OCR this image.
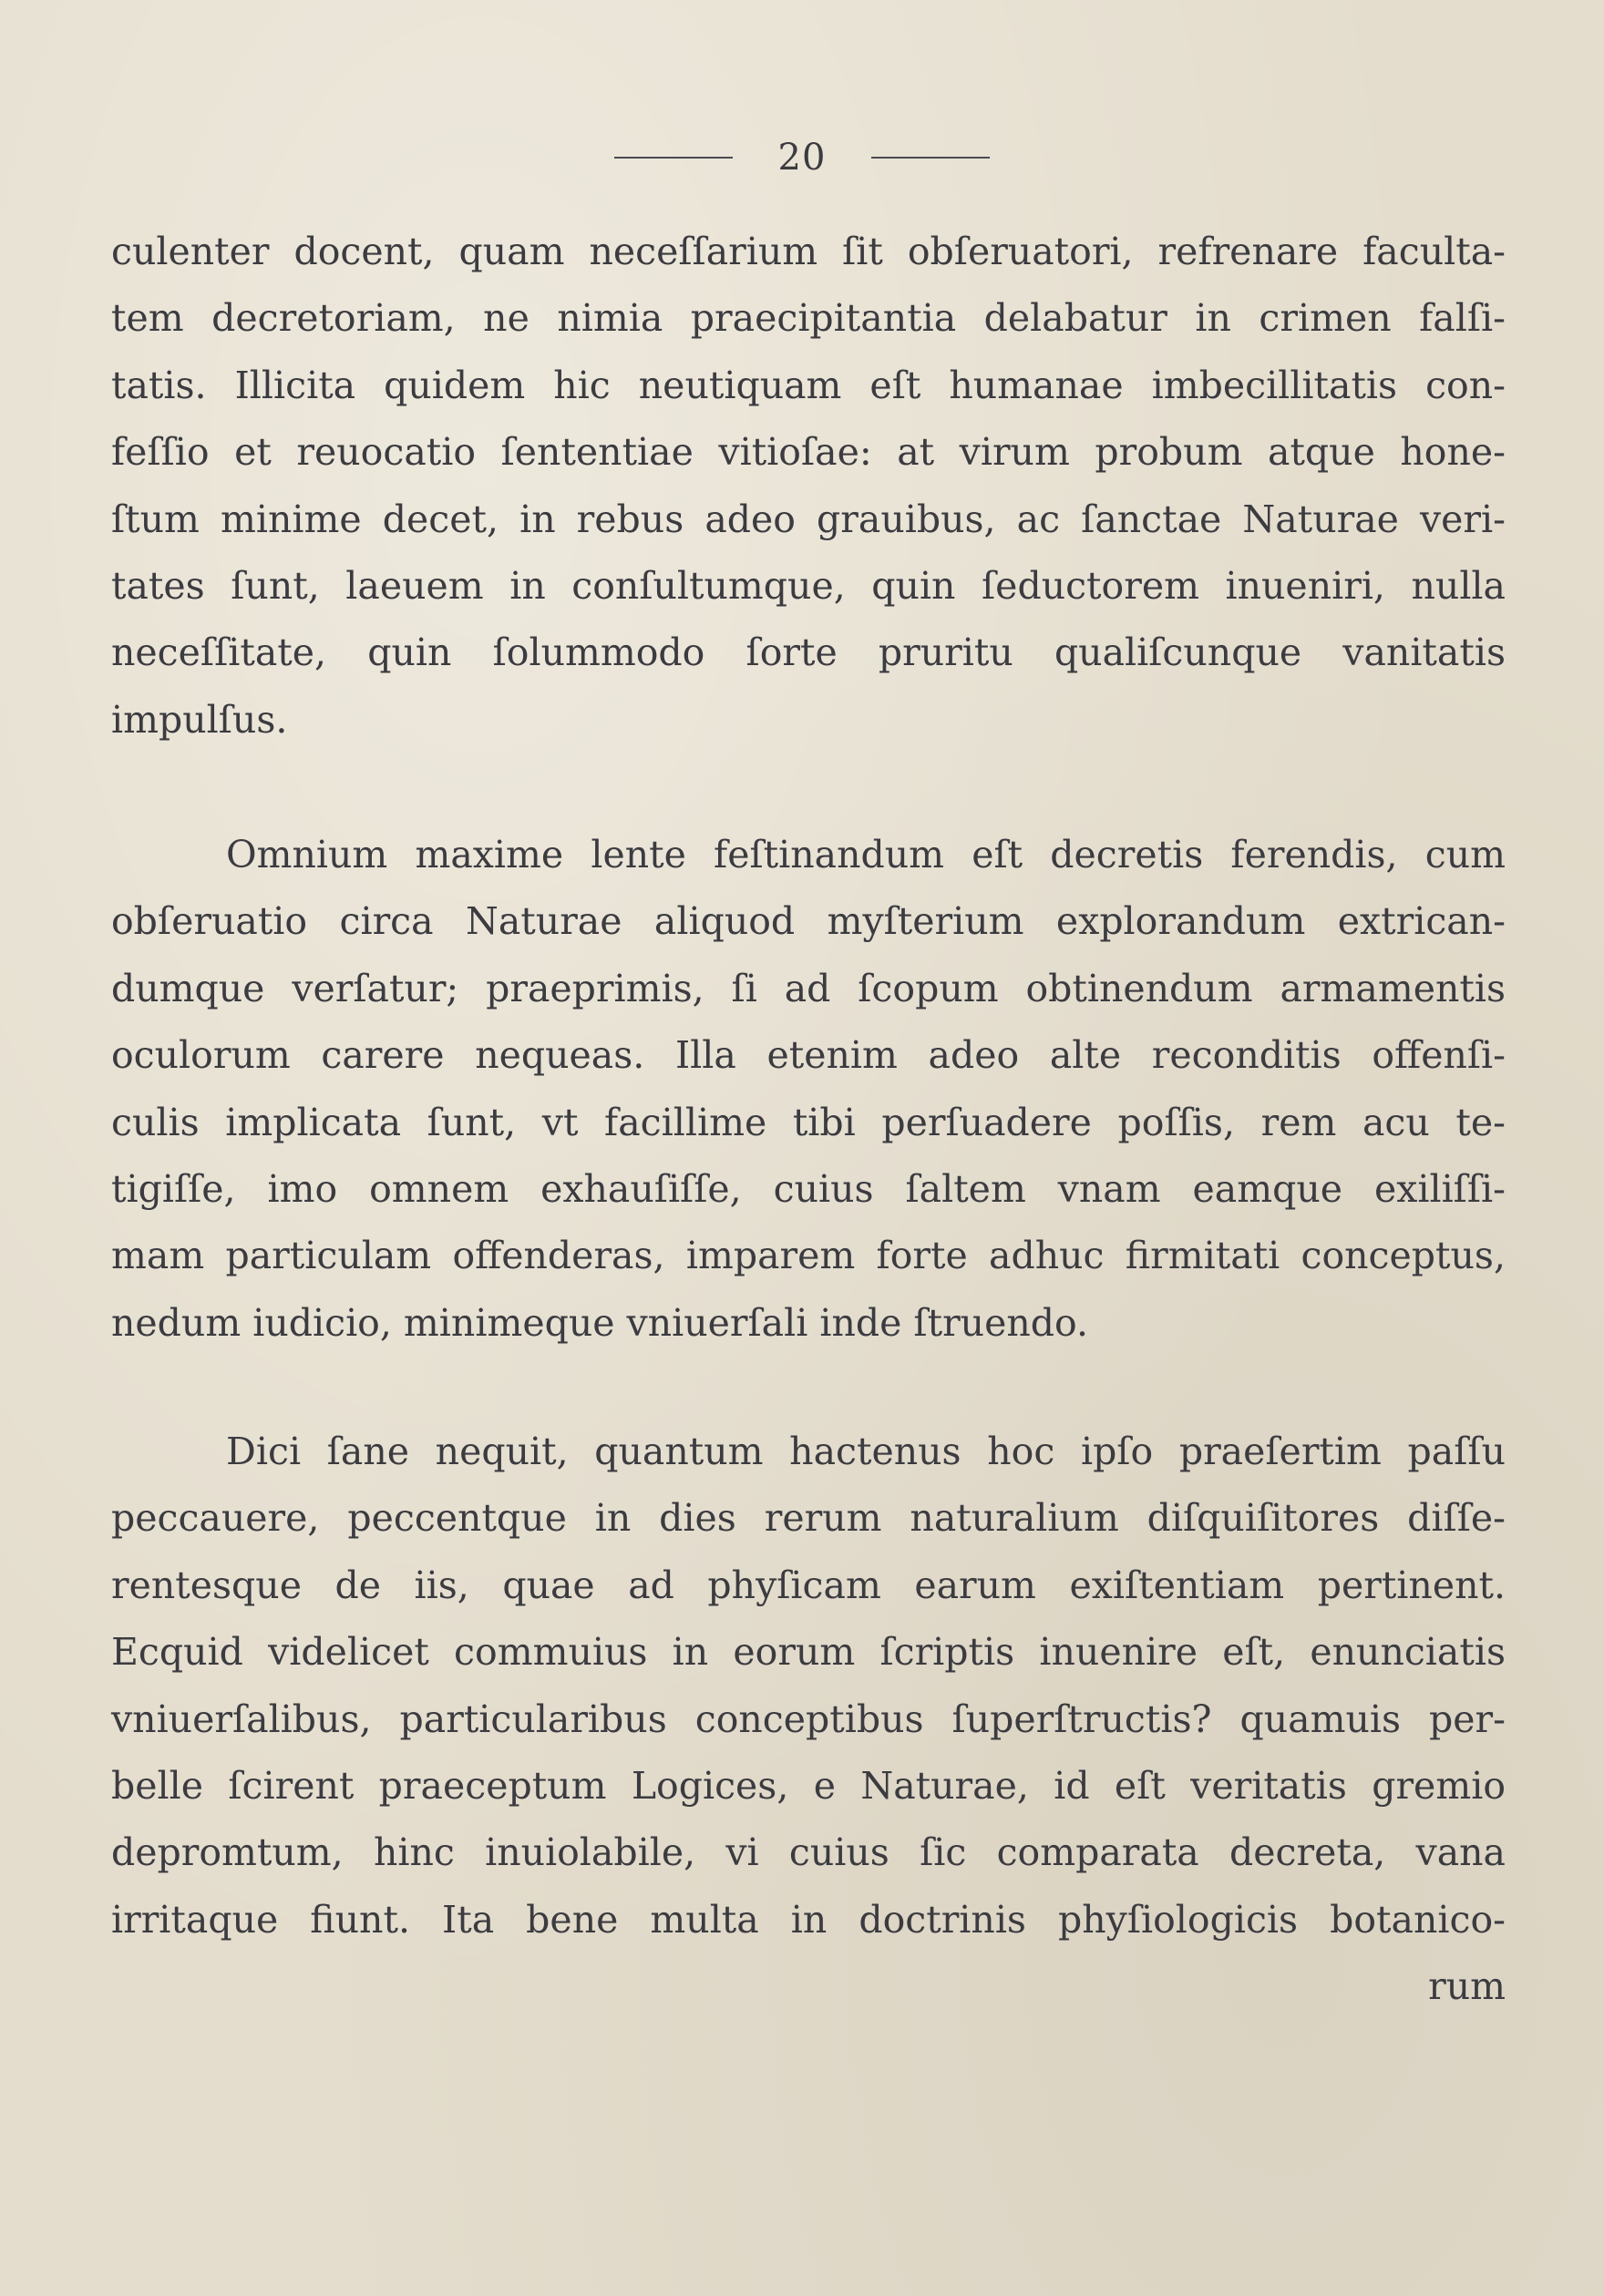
20
culenter docent, quam neceſſarium ſit obſeruatori, refrenare faculta-
tem decretoriam, ne nimia praecipitantia delabatur in crimen falſi-
tatis. Illicita quidem hic neutiquam eſt humanae imbecillitatis con-
feſſio et reuocatio ſententiae vitioſae: at virum probum atque hone-
ſtum minime decet, in rebus adeo grauibus, ac ſanctae Naturae veri-
tates ſunt, laeuem in conſultumque, quin ſeductorem inueniri, nulla
neceſſitate, quin ſolummodo ſorte pruritu qualiſcunque vanitatis
impulſus.
Omnium maxime lente feſtinandum eſt decretis ferendis, cum
obſeruatio circa Naturae aliquod myſterium explorandum extrican-
dumque verſatur; praeprimis, ſi ad ſcopum obtinendum armamentis
oculorum carere nequeas. Illa etenim adeo alte reconditis offenſi-
culis implicata ſunt, vt facillime tibi perſuadere poſſis, rem acu te-
tigiſſe, imo omnem exhauſiſſe, cuius ſaltem vnam eamque exiliſſi-
mam particulam offenderas, imparem forte adhuc firmitati conceptus,
nedum iudicio, minimeque vniuerſali inde ſtruendo.
Dici ſane nequit, quantum hactenus hoc ipſo praeſertim paſſu
peccauere, peccentque in dies rerum naturalium diſquiſitores diſſe-
rentesque de iis, quae ad phyſicam earum exiſtentiam pertinent.
Ecquid videlicet commuius in eorum ſcriptis inuenire eſt, enunciatis
vniuerſalibus, particularibus conceptibus ſuperſtructis? quamuis per-
belle ſcirent praeceptum Logices, e Naturae, id eſt veritatis gremio
depromtum, hinc inuiolabile, vi cuius ſic comparata decreta, vana
irritaque fiunt. Ita bene multa in doctrinis phyſiologicis botanico-
rum
